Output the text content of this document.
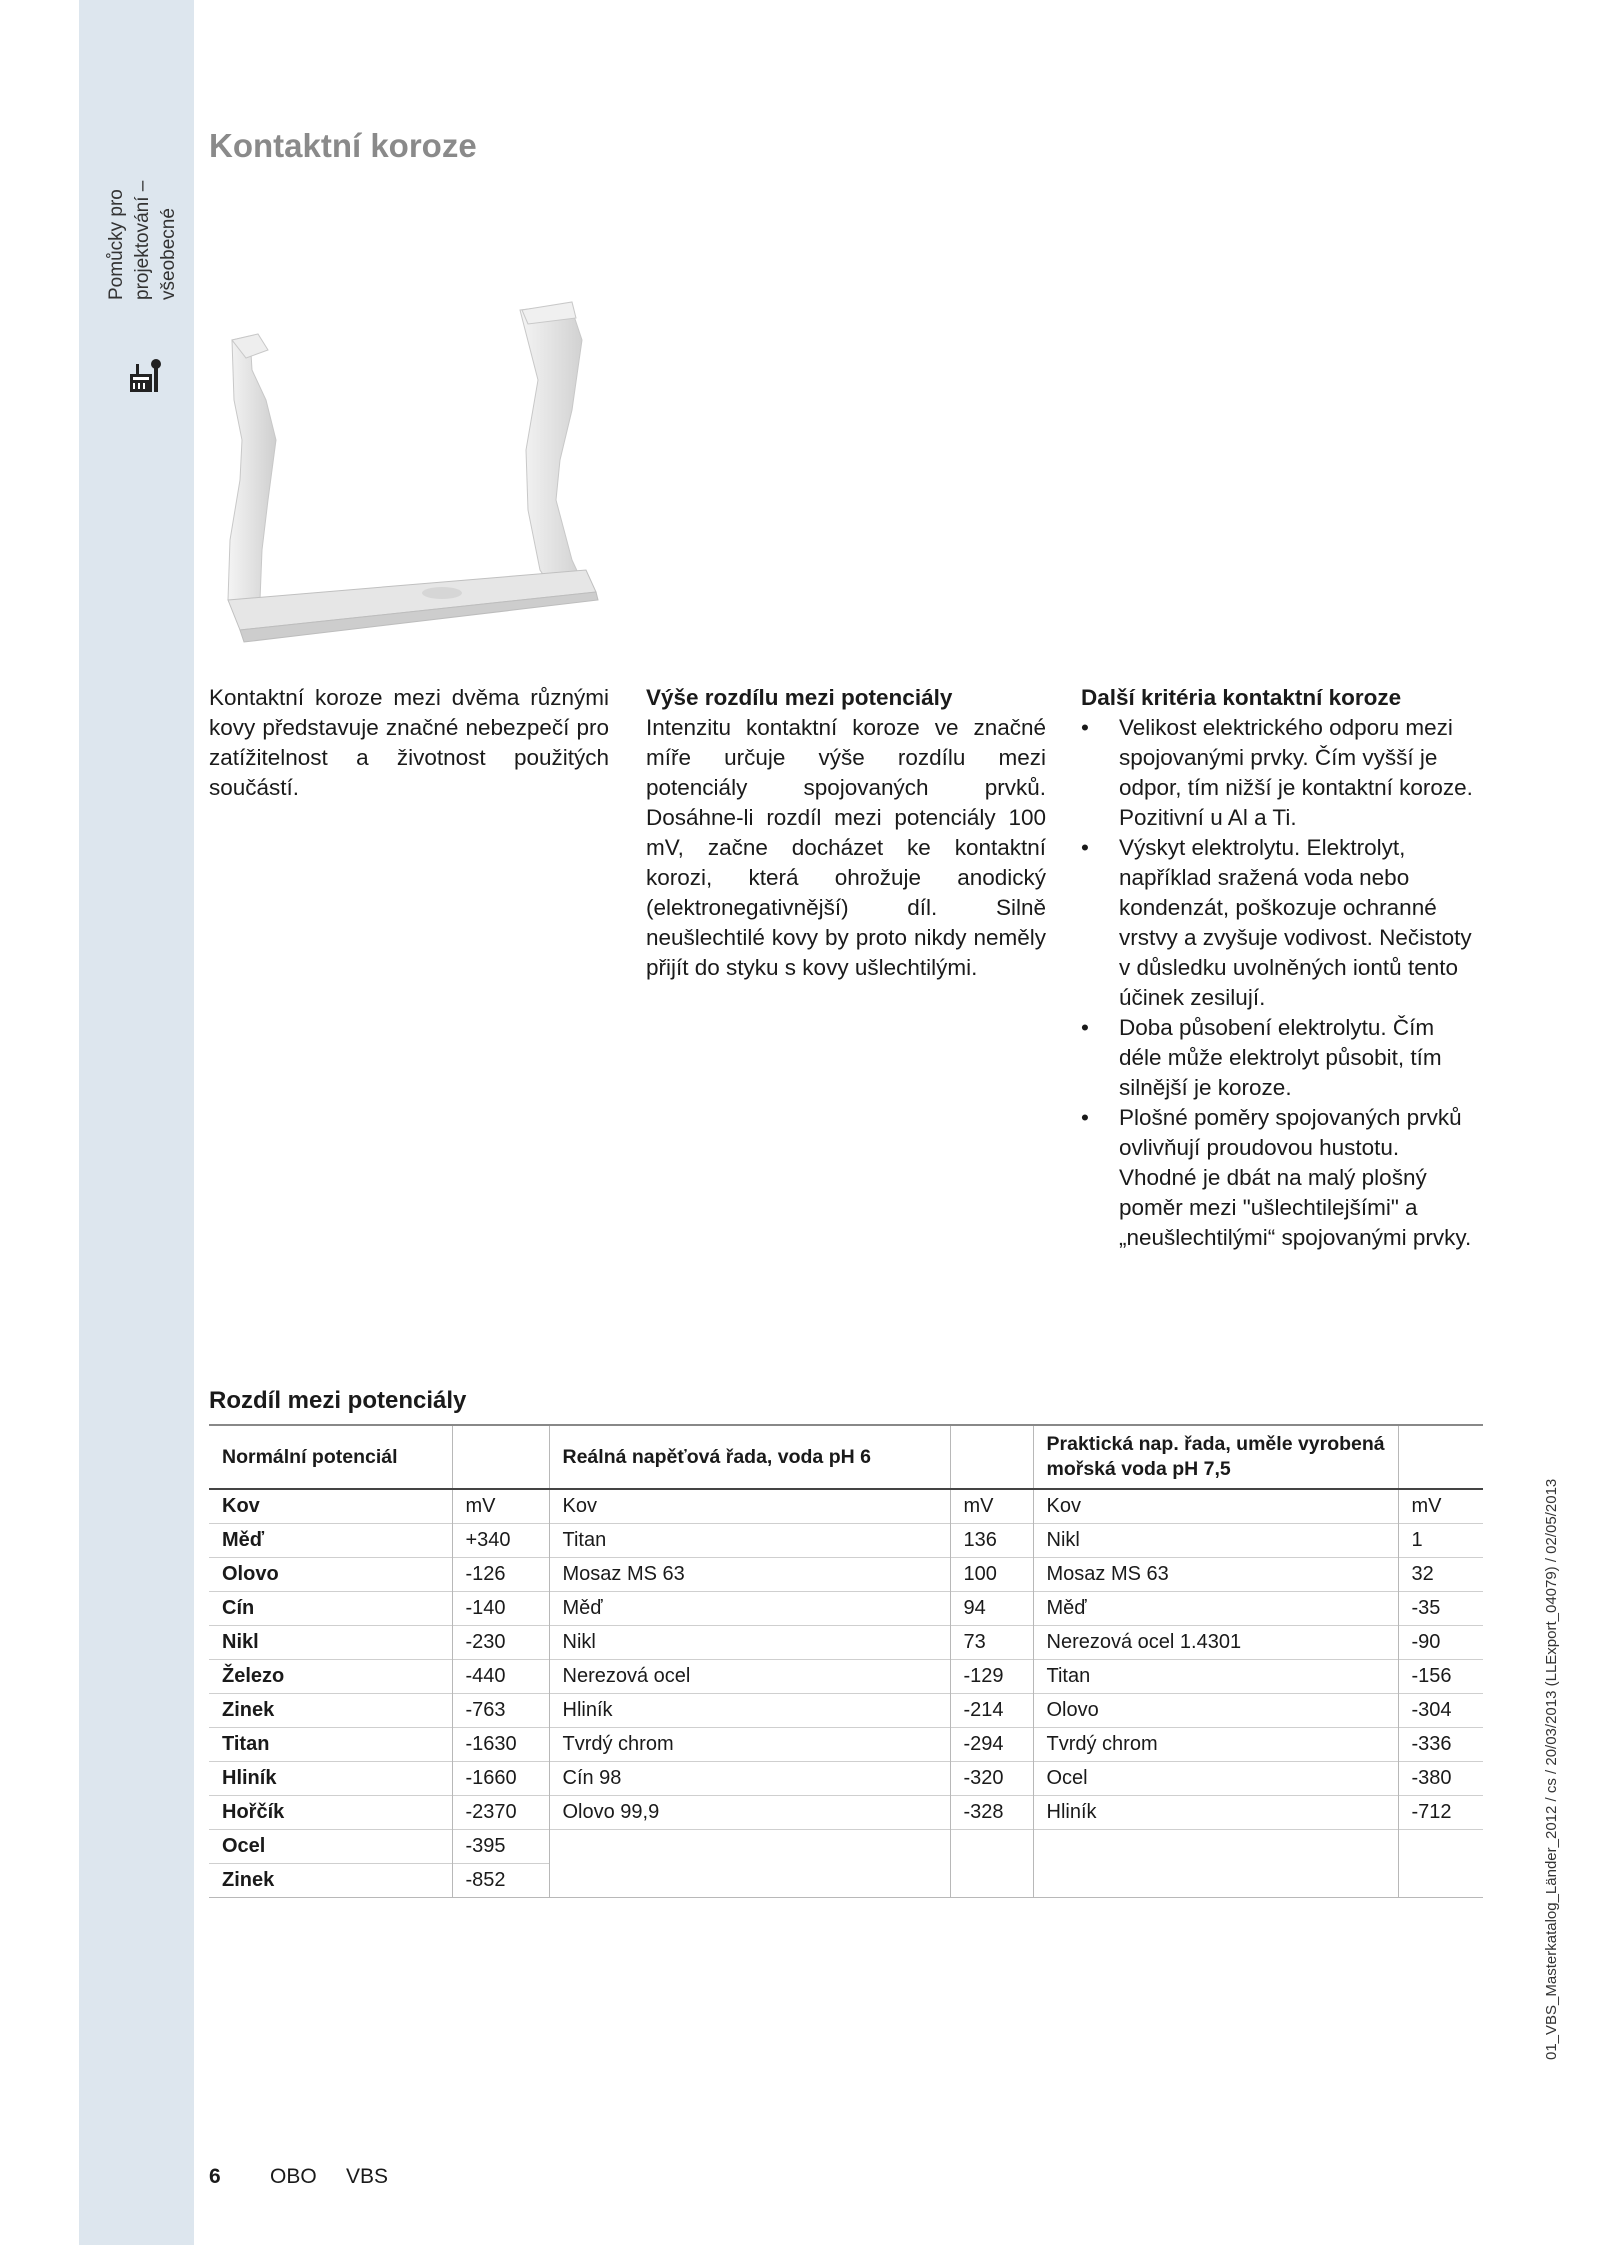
Pomůcky pro projektování – všeobecné
Kontaktní koroze

Kontaktní koroze mezi dvěma různými kovy představuje značné nebezpečí pro zatížitelnost a životnost použitých součástí.

Výše rozdílu mezi potenciály

Intenzitu kontaktní koroze ve značné míře určuje výše rozdílu mezi potenciály spojovaných prvků. Dosáhne-li rozdíl mezi potenciály 100 mV, začne docházet ke kontaktní korozi, která ohrožuje anodický (elektronegativnější) díl. Silně neušlechtilé kovy by proto nikdy neměly přijít do styku s kovy ušlechtilými.

Další kritéria kontaktní koroze

• Velikost elektrického odporu mezi spojovanými prvky. Čím vyšší je odpor, tím nižší je kontaktní koroze. Pozitivní u Al a Ti.
• Výskyt elektrolytu. Elektrolyt, například sražená voda nebo kondenzát, poškozuje ochranné vrstvy a zvyšuje vodivost. Nečistoty v důsledku uvolněných iontů tento účinek zesilují.
• Doba působení elektrolytu. Čím déle může elektrolyt působit, tím silnější je koroze.
• Plošné poměry spojovaných prvků ovlivňují proudovou hustotu. Vhodné je dbát na malý plošný poměr mezi "ušlechtilejšími" a „neušlechtilými“ spojovanými prvky.
Rozdíl mezi potenciály
Normální potenciál		Reálná napěťová řada, voda pH 6		Praktická nap. řada, uměle vyrobená mořská voda pH 7,5	
Kov	mV	Kov	mV	Kov	mV
Měď	+340	Titan	136	Nikl	1
Olovo	-126	Mosaz MS 63	100	Mosaz MS 63	32
Cín	-140	Měď	94	Měď	-35
Nikl	-230	Nikl	73	Nerezová ocel 1.4301	-90
Železo	-440	Nerezová ocel	-129	Titan	-156
Zinek	-763	Hliník	-214	Olovo	-304
Titan	-1630	Tvrdý chrom	-294	Tvrdý chrom	-336
Hliník	-1660	Cín 98	-320	Ocel	-380
Hořčík	-2370	Olovo 99,9	-328	Hliník	-712
Ocel	-395				
Zinek	-852				
6 OBO VBS
01_VBS_Masterkatalog_Länder_2012 / cs / 20/03/2013 (LLExport_04079) / 02/05/2013
